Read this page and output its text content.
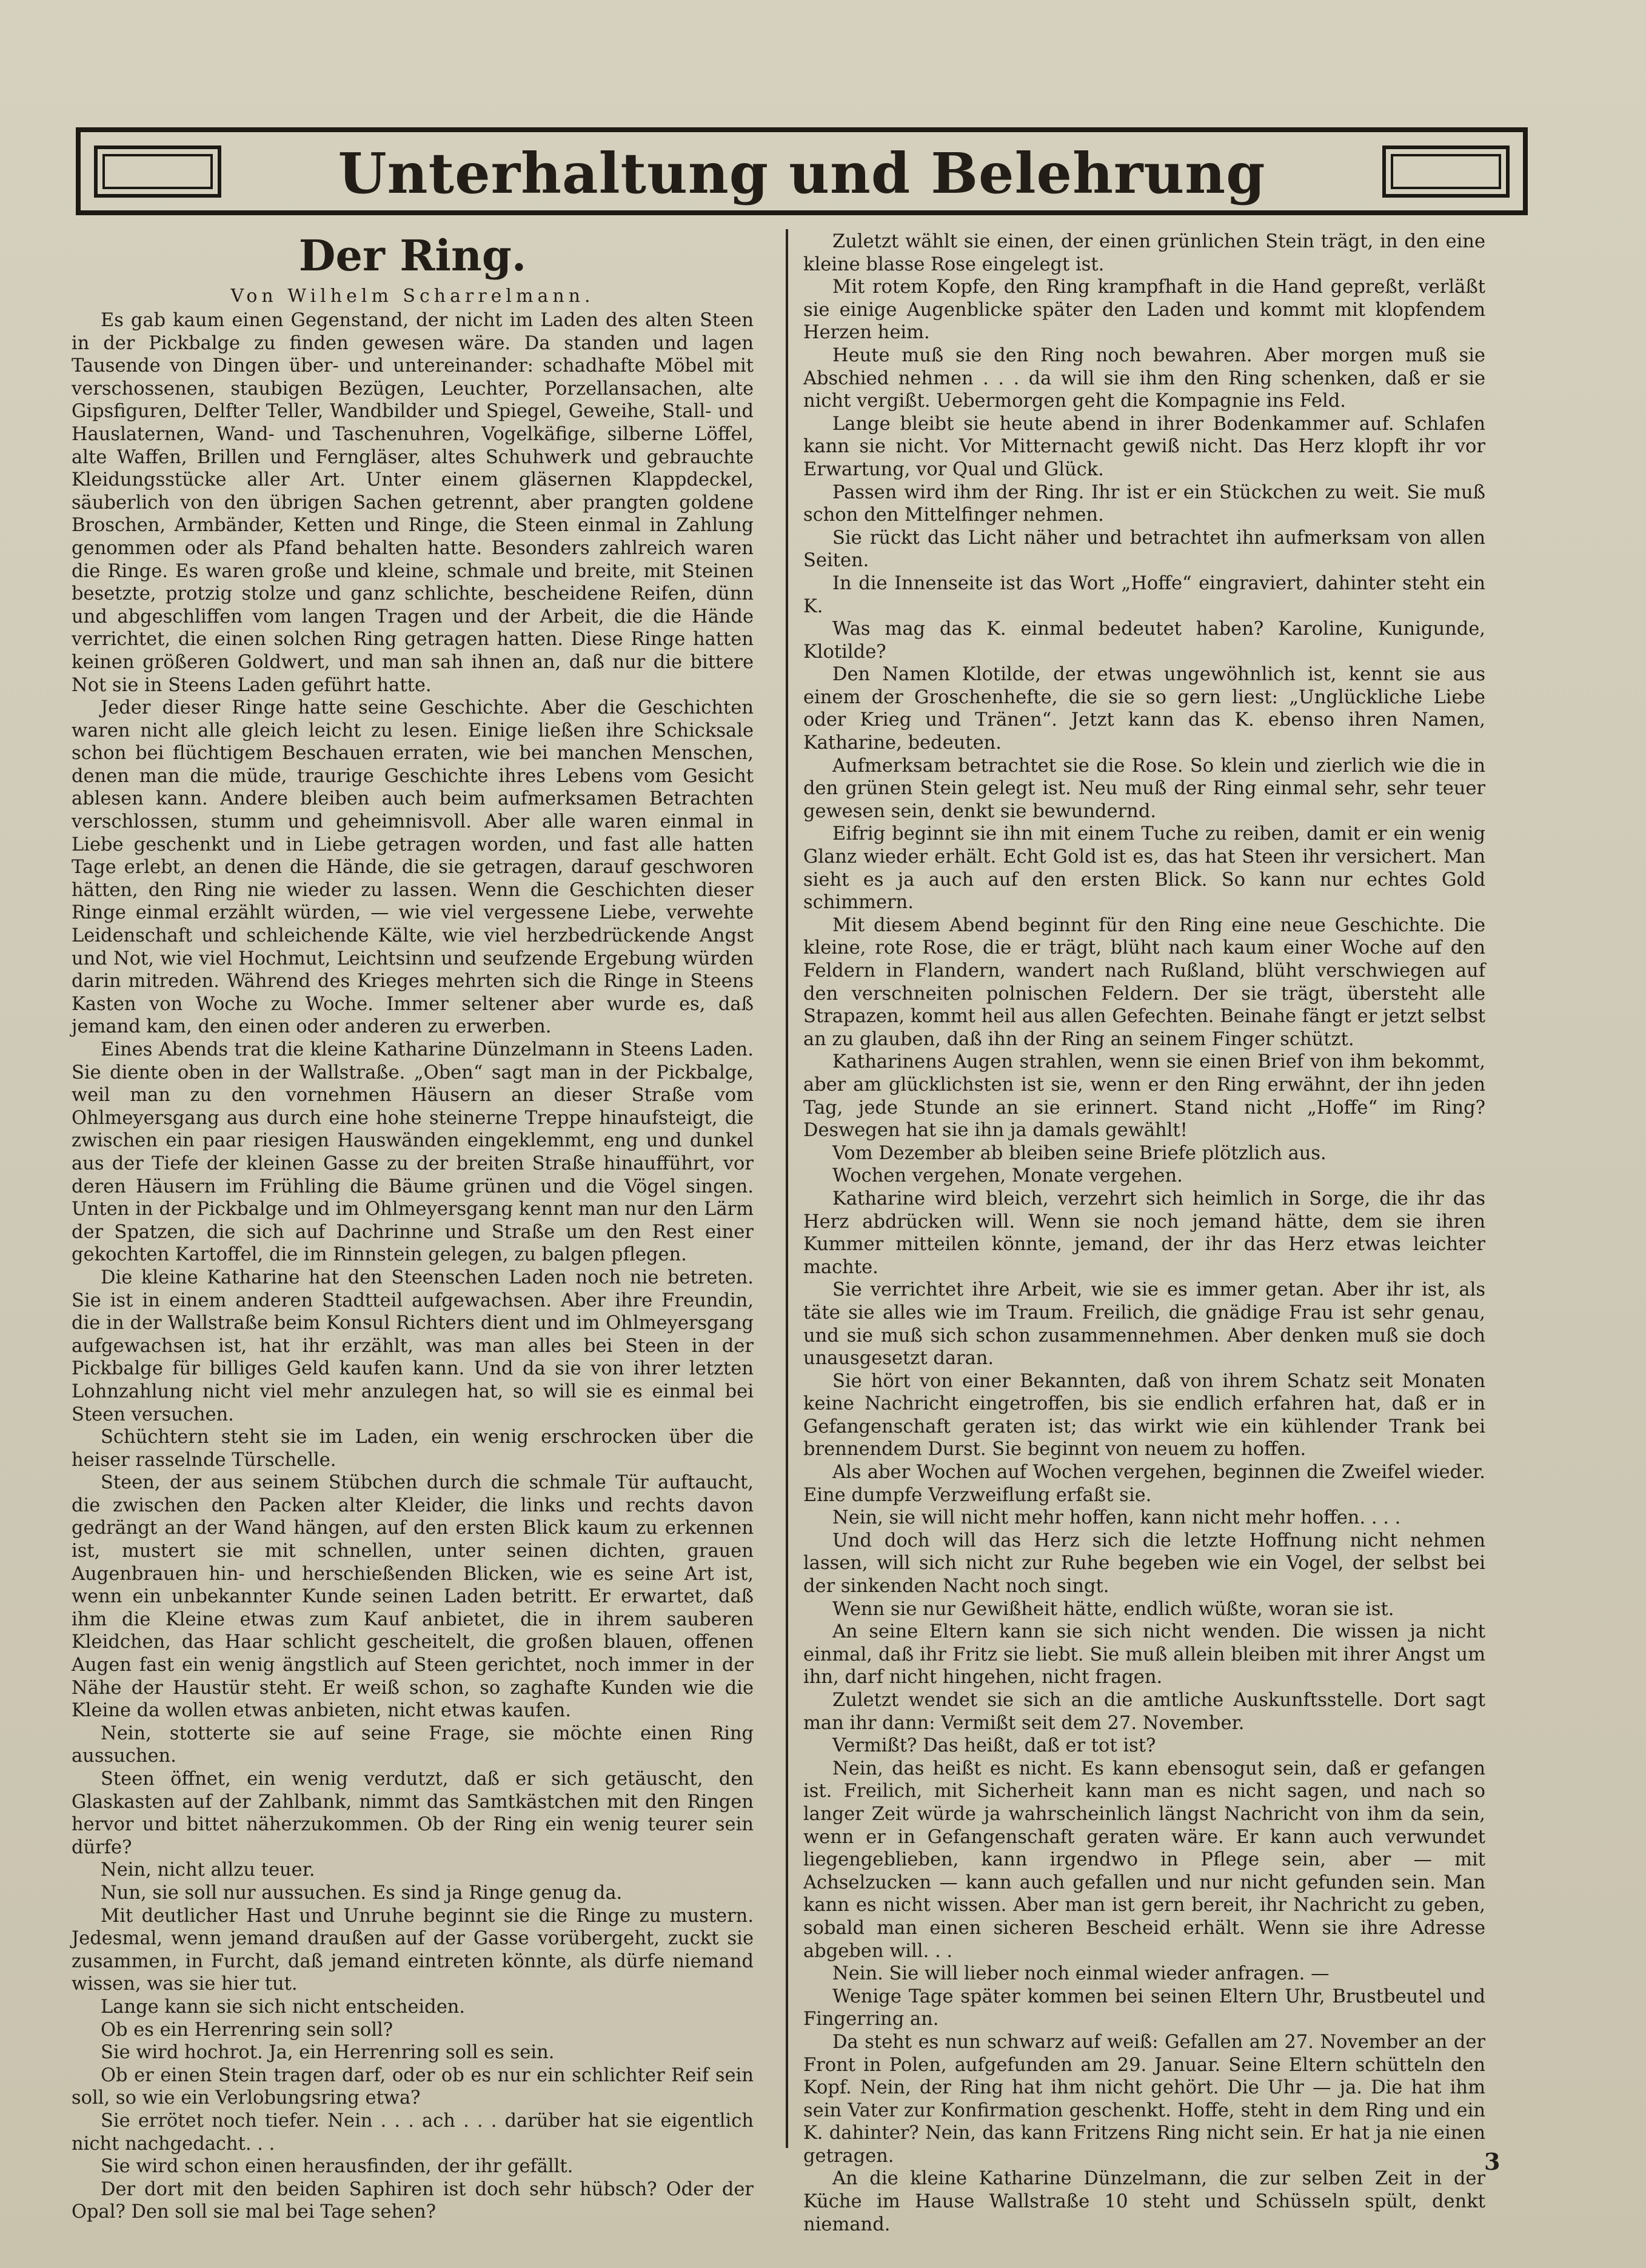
Unterhaltung und Belehrung
Der Ring.
Von Wilhelm Scharrelmann.

Es gab kaum einen Gegenstand, der nicht im Laden des alten Steen in der Pickbalge zu finden gewesen wäre. Da standen und lagen Tausende von Dingen über- und untereinander: schadhafte Möbel mit verschossenen, staubigen Bezügen, Leuchter, Porzellansachen, alte Gipsfiguren, Delfter Teller, Wandbilder und Spiegel, Geweihe, Stall- und Hauslaternen, Wand- und Taschenuhren, Vogelkäfige, silberne Löffel, alte Waffen, Brillen und Ferngläser, altes Schuhwerk und gebrauchte Kleidungsstücke aller Art. Unter einem gläsernen Klappdeckel, säuberlich von den übrigen Sachen getrennt, aber prangten goldene Broschen, Armbänder, Ketten und Ringe, die Steen einmal in Zahlung genommen oder als Pfand behalten hatte. Besonders zahlreich waren die Ringe. Es waren große und kleine, schmale und breite, mit Steinen besetzte, protzig stolze und ganz schlichte, bescheidene Reifen, dünn und abgeschliffen vom langen Tragen und der Arbeit, die die Hände verrichtet, die einen solchen Ring getragen hatten. Diese Ringe hatten keinen größeren Goldwert, und man sah ihnen an, daß nur die bittere Not sie in Steens Laden geführt hatte.

Jeder dieser Ringe hatte seine Geschichte. Aber die Geschichten waren nicht alle gleich leicht zu lesen. Einige ließen ihre Schicksale schon bei flüchtigem Beschauen erraten, wie bei manchen Menschen, denen man die müde, traurige Geschichte ihres Lebens vom Gesicht ablesen kann. Andere bleiben auch beim aufmerksamen Betrachten verschlossen, stumm und geheimnisvoll. Aber alle waren einmal in Liebe geschenkt und in Liebe getragen worden, und fast alle hatten Tage erlebt, an denen die Hände, die sie getragen, darauf geschworen hätten, den Ring nie wieder zu lassen. Wenn die Geschichten dieser Ringe einmal erzählt würden, — wie viel vergessene Liebe, verwehte Leidenschaft und schleichende Kälte, wie viel herzbedrückende Angst und Not, wie viel Hochmut, Leichtsinn und seufzende Ergebung würden darin mitreden. Während des Krieges mehrten sich die Ringe in Steens Kasten von Woche zu Woche. Immer seltener aber wurde es, daß jemand kam, den einen oder anderen zu erwerben.

Eines Abends trat die kleine Katharine Dünzelmann in Steens Laden. Sie diente oben in der Wallstraße. „Oben“ sagt man in der Pickbalge, weil man zu den vornehmen Häusern an dieser Straße vom Ohlmeyersgang aus durch eine hohe steinerne Treppe hinaufsteigt, die zwischen ein paar riesigen Hauswänden eingeklemmt, eng und dunkel aus der Tiefe der kleinen Gasse zu der breiten Straße hinaufführt, vor deren Häusern im Frühling die Bäume grünen und die Vögel singen. Unten in der Pickbalge und im Ohlmeyersgang kennt man nur den Lärm der Spatzen, die sich auf Dachrinne und Straße um den Rest einer gekochten Kartoffel, die im Rinnstein gelegen, zu balgen pflegen.

Die kleine Katharine hat den Steenschen Laden noch nie betreten. Sie ist in einem anderen Stadtteil aufgewachsen. Aber ihre Freundin, die in der Wallstraße beim Konsul Richters dient und im Ohlmeyersgang aufgewachsen ist, hat ihr erzählt, was man alles bei Steen in der Pickbalge für billiges Geld kaufen kann. Und da sie von ihrer letzten Lohnzahlung nicht viel mehr anzulegen hat, so will sie es einmal bei Steen versuchen.

Schüchtern steht sie im Laden, ein wenig erschrocken über die heiser rasselnde Türschelle.

Steen, der aus seinem Stübchen durch die schmale Tür auftaucht, die zwischen den Packen alter Kleider, die links und rechts davon gedrängt an der Wand hängen, auf den ersten Blick kaum zu erkennen ist, mustert sie mit schnellen, unter seinen dichten, grauen Augenbrauen hin- und herschießenden Blicken, wie es seine Art ist, wenn ein unbekannter Kunde seinen Laden betritt. Er erwartet, daß ihm die Kleine etwas zum Kauf anbietet, die in ihrem sauberen Kleidchen, das Haar schlicht gescheitelt, die großen blauen, offenen Augen fast ein wenig ängstlich auf Steen gerichtet, noch immer in der Nähe der Haustür steht. Er weiß schon, so zaghafte Kunden wie die Kleine da wollen etwas anbieten, nicht etwas kaufen.

Nein, stotterte sie auf seine Frage, sie möchte einen Ring aussuchen.

Steen öffnet, ein wenig verdutzt, daß er sich getäuscht, den Glaskasten auf der Zahlbank, nimmt das Samtkästchen mit den Ringen hervor und bittet näherzukommen. Ob der Ring ein wenig teurer sein dürfe?

Nein, nicht allzu teuer.

Nun, sie soll nur aussuchen. Es sind ja Ringe genug da.

Mit deutlicher Hast und Unruhe beginnt sie die Ringe zu mustern. Jedesmal, wenn jemand draußen auf der Gasse vorübergeht, zuckt sie zusammen, in Furcht, daß jemand eintreten könnte, als dürfe niemand wissen, was sie hier tut.

Lange kann sie sich nicht entscheiden.

Ob es ein Herrenring sein soll?

Sie wird hochrot. Ja, ein Herrenring soll es sein.

Ob er einen Stein tragen darf, oder ob es nur ein schlichter Reif sein soll, so wie ein Verlobungsring etwa?

Sie errötet noch tiefer. Nein . . . ach . . . darüber hat sie eigentlich nicht nachgedacht. . .

Sie wird schon einen herausfinden, der ihr gefällt.

Der dort mit den beiden Saphiren ist doch sehr hübsch? Oder der Opal? Den soll sie mal bei Tage sehen?

Zuletzt wählt sie einen, der einen grünlichen Stein trägt, in den eine kleine blasse Rose eingelegt ist.

Mit rotem Kopfe, den Ring krampfhaft in die Hand gepreßt, verläßt sie einige Augenblicke später den Laden und kommt mit klopfendem Herzen heim.

Heute muß sie den Ring noch bewahren. Aber morgen muß sie Abschied nehmen . . . da will sie ihm den Ring schenken, daß er sie nicht vergißt. Uebermorgen geht die Kompagnie ins Feld.

Lange bleibt sie heute abend in ihrer Bodenkammer auf. Schlafen kann sie nicht. Vor Mitternacht gewiß nicht. Das Herz klopft ihr vor Erwartung, vor Qual und Glück.

Passen wird ihm der Ring. Ihr ist er ein Stückchen zu weit. Sie muß schon den Mittelfinger nehmen.

Sie rückt das Licht näher und betrachtet ihn aufmerksam von allen Seiten.

In die Innenseite ist das Wort „Hoffe“ eingraviert, dahinter steht ein K.

Was mag das K. einmal bedeutet haben? Karoline, Kunigunde, Klotilde?

Den Namen Klotilde, der etwas ungewöhnlich ist, kennt sie aus einem der Groschenhefte, die sie so gern liest: „Unglückliche Liebe oder Krieg und Tränen“. Jetzt kann das K. ebenso ihren Namen, Katharine, bedeuten.

Aufmerksam betrachtet sie die Rose. So klein und zierlich wie die in den grünen Stein gelegt ist. Neu muß der Ring einmal sehr, sehr teuer gewesen sein, denkt sie bewundernd.

Eifrig beginnt sie ihn mit einem Tuche zu reiben, damit er ein wenig Glanz wieder erhält. Echt Gold ist es, das hat Steen ihr versichert. Man sieht es ja auch auf den ersten Blick. So kann nur echtes Gold schimmern.

Mit diesem Abend beginnt für den Ring eine neue Geschichte. Die kleine, rote Rose, die er trägt, blüht nach kaum einer Woche auf den Feldern in Flandern, wandert nach Rußland, blüht verschwiegen auf den verschneiten polnischen Feldern. Der sie trägt, übersteht alle Strapazen, kommt heil aus allen Gefechten. Beinahe fängt er jetzt selbst an zu glauben, daß ihn der Ring an seinem Finger schützt.

Katharinens Augen strahlen, wenn sie einen Brief von ihm bekommt, aber am glücklichsten ist sie, wenn er den Ring erwähnt, der ihn jeden Tag, jede Stunde an sie erinnert. Stand nicht „Hoffe“ im Ring? Deswegen hat sie ihn ja damals gewählt!

Vom Dezember ab bleiben seine Briefe plötzlich aus.

Wochen vergehen, Monate vergehen.

Katharine wird bleich, verzehrt sich heimlich in Sorge, die ihr das Herz abdrücken will. Wenn sie noch jemand hätte, dem sie ihren Kummer mitteilen könnte, jemand, der ihr das Herz etwas leichter machte.

Sie verrichtet ihre Arbeit, wie sie es immer getan. Aber ihr ist, als täte sie alles wie im Traum. Freilich, die gnädige Frau ist sehr genau, und sie muß sich schon zusammennehmen. Aber denken muß sie doch unausgesetzt daran.

Sie hört von einer Bekannten, daß von ihrem Schatz seit Monaten keine Nachricht eingetroffen, bis sie endlich erfahren hat, daß er in Gefangenschaft geraten ist; das wirkt wie ein kühlender Trank bei brennendem Durst. Sie beginnt von neuem zu hoffen.

Als aber Wochen auf Wochen vergehen, beginnen die Zweifel wieder. Eine dumpfe Verzweiflung erfaßt sie.

Nein, sie will nicht mehr hoffen, kann nicht mehr hoffen. . . .

Und doch will das Herz sich die letzte Hoffnung nicht nehmen lassen, will sich nicht zur Ruhe begeben wie ein Vogel, der selbst bei der sinkenden Nacht noch singt.

Wenn sie nur Gewißheit hätte, endlich wüßte, woran sie ist.

An seine Eltern kann sie sich nicht wenden. Die wissen ja nicht einmal, daß ihr Fritz sie liebt. Sie muß allein bleiben mit ihrer Angst um ihn, darf nicht hingehen, nicht fragen.

Zuletzt wendet sie sich an die amtliche Auskunftsstelle. Dort sagt man ihr dann: Vermißt seit dem 27. November.

Vermißt? Das heißt, daß er tot ist?

Nein, das heißt es nicht. Es kann ebensogut sein, daß er gefangen ist. Freilich, mit Sicherheit kann man es nicht sagen, und nach so langer Zeit würde ja wahrscheinlich längst Nachricht von ihm da sein, wenn er in Gefangenschaft geraten wäre. Er kann auch verwundet liegengeblieben, kann irgendwo in Pflege sein, aber — mit Achselzucken — kann auch gefallen und nur nicht gefunden sein. Man kann es nicht wissen. Aber man ist gern bereit, ihr Nachricht zu geben, sobald man einen sicheren Bescheid erhält. Wenn sie ihre Adresse abgeben will. . .

Nein. Sie will lieber noch einmal wieder anfragen. —

Wenige Tage später kommen bei seinen Eltern Uhr, Brustbeutel und Fingerring an.

Da steht es nun schwarz auf weiß: Gefallen am 27. November an der Front in Polen, aufgefunden am 29. Januar. Seine Eltern schütteln den Kopf. Nein, der Ring hat ihm nicht gehört. Die Uhr — ja. Die hat ihm sein Vater zur Konfirmation geschenkt. Hoffe, steht in dem Ring und ein K. dahinter? Nein, das kann Fritzens Ring nicht sein. Er hat ja nie einen getragen.

An die kleine Katharine Dünzelmann, die zur selben Zeit in der Küche im Hause Wallstraße 10 steht und Schüsseln spült, denkt niemand.

3
